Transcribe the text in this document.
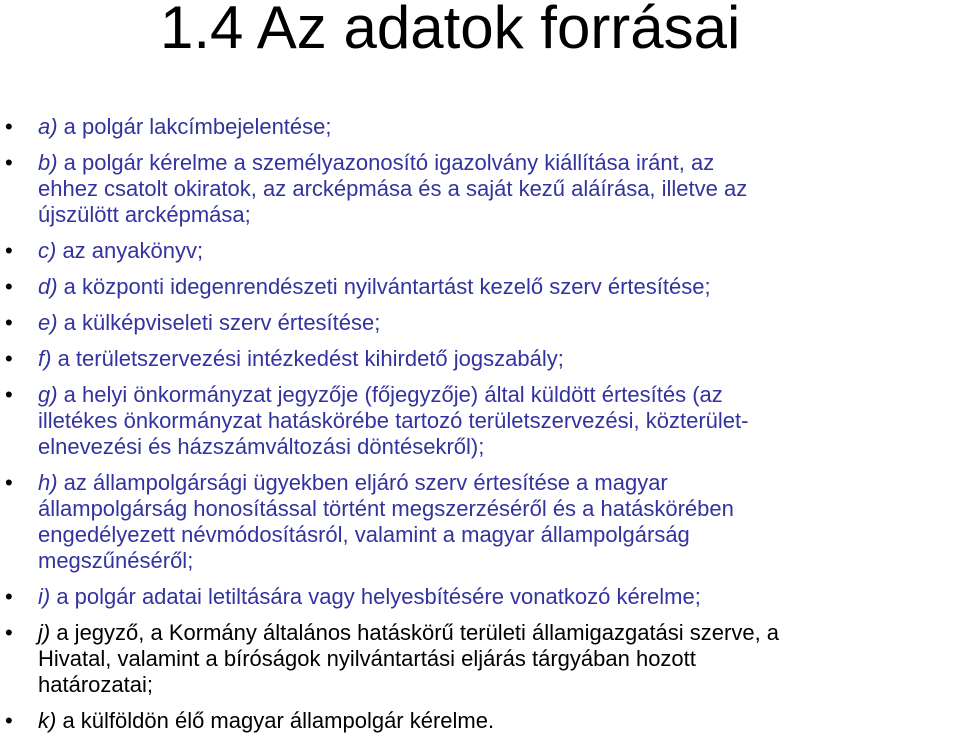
1.4 Az adatok forrásai
• a) a polgár lakcímbejelentése;
• b) a polgár kérelme a személyazonosító igazolvány kiállítása iránt, az
ehhez csatolt okiratok, az arcképmása és a saját kezű aláírása, illetve az
újszülött arcképmása;
• c) az anyakönyv;
• d) a központi idegenrendészeti nyilvántartást kezelő szerv értesítése;
• e) a külképviseleti szerv értesítése;
• f) a területszervezési intézkedést kihirdető jogszabály;
• g) a helyi önkormányzat jegyzője (főjegyzője) által küldött értesítés (az
illetékes önkormányzat hatáskörébe tartozó területszervezési, közterület-
elnevezési és házszámváltozási döntésekről);
• h) az állampolgársági ügyekben eljáró szerv értesítése a magyar
állampolgárság honosítással történt megszerzéséről és a hatáskörében
engedélyezett névmódosításról, valamint a magyar állampolgárság
megszűnéséről;
• i) a polgár adatai letiltására vagy helyesbítésére vonatkozó kérelme;
• j) a jegyző, a Kormány általános hatáskörű területi államigazgatási szerve, a
Hivatal, valamint a bíróságok nyilvántartási eljárás tárgyában hozott
határozatai;
• k) a külföldön élő magyar állampolgár kérelme.
